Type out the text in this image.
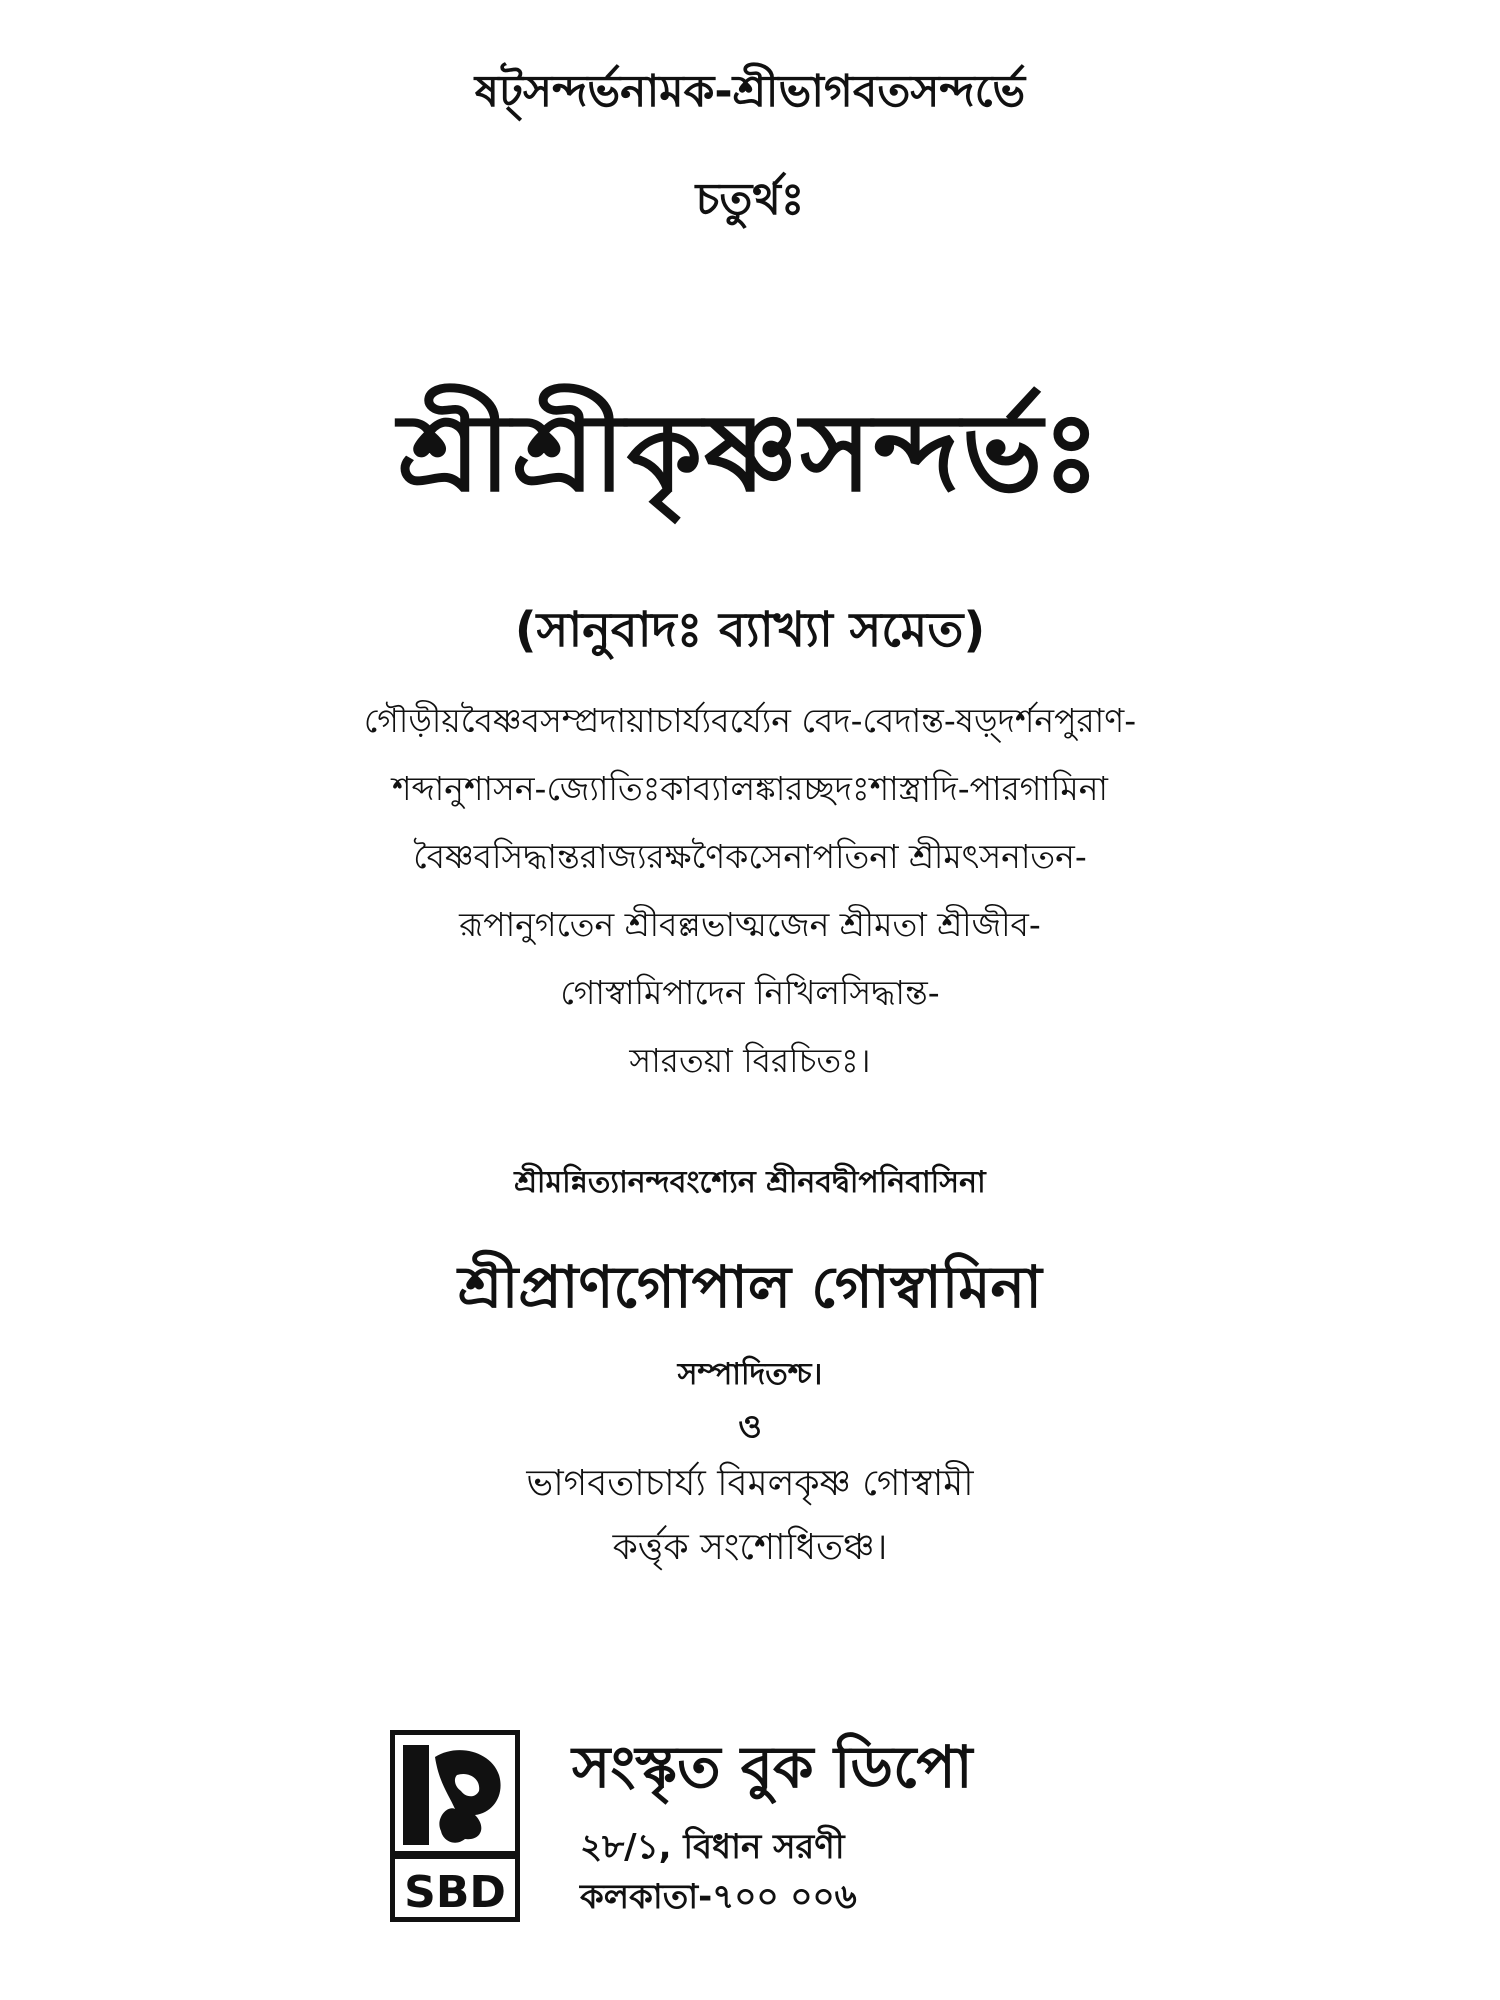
ষট্‌সন্দর্ভনামক-শ্রীভাগবতসন্দর্ভে
চতুর্থঃ
শ্রীশ্রীকৃষ্ণসন্দর্ভঃ
(সানুবাদঃ ব্যাখ্যা সমেত)
গৌড়ীয়বৈষ্ণবসম্প্রদায়াচার্য্যবর্য্যেন বেদ-বেদান্ত-ষড়্দর্শনপুরাণ-
শব্দানুশাসন-জ্যোতিঃকাব্যালঙ্কারচ্ছদঃশাস্ত্রাদি-পারগামিনা
বৈষ্ণবসিদ্ধান্তরাজ্যরক্ষণৈকসেনাপতিনা শ্রীমৎসনাতন-
রূপানুগতেন শ্রীবল্লভাত্মজেন শ্রীমতা শ্রীজীব-
গোস্বামিপাদেন নিখিলসিদ্ধান্ত-
সারতয়া বিরচিতঃ।
শ্রীমন্নিত্যানন্দবংশ্যেন শ্রীনবদ্বীপনিবাসিনা
শ্রীপ্রাণগোপাল গোস্বামিনা
সম্পাদিতশ্চ।
ও
ভাগবতাচার্য্য বিমলকৃষ্ণ গোস্বামী
কর্ত্তৃক সংশোধিতঞ্চ।
SBD
সংস্কৃত বুক ডিপো
২৮/১, বিধান সরণী
কলকাতা-৭০০ ০০৬
